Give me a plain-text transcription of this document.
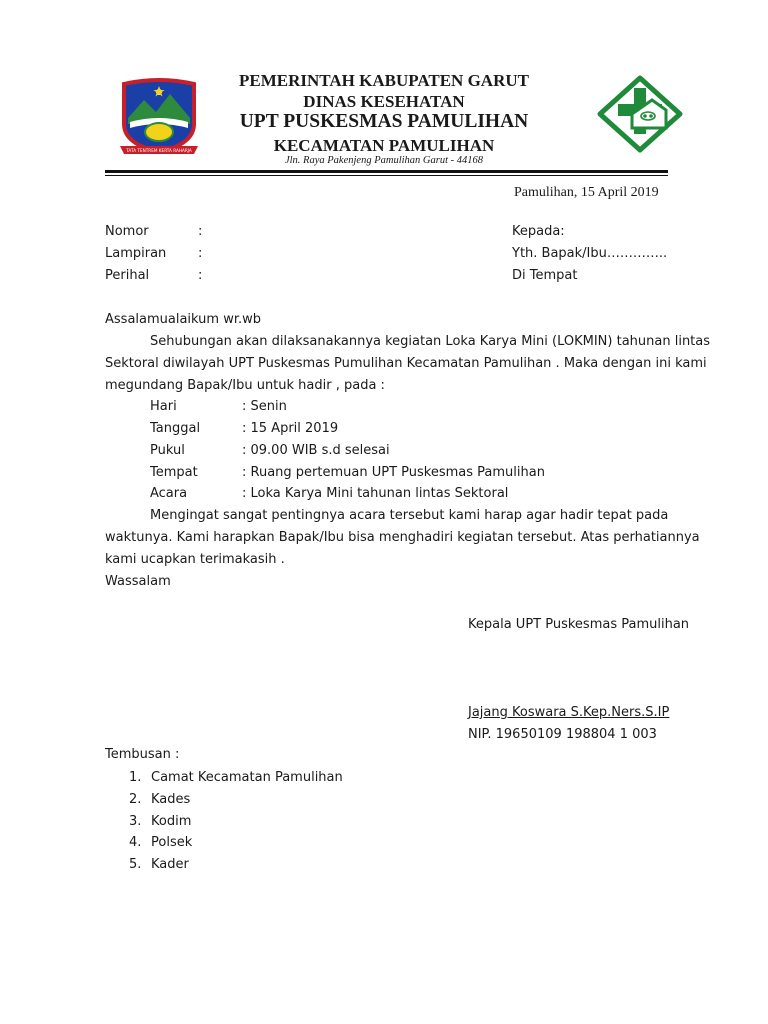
TATA TENTREM KERTA RAHARJA
PEMERINTAH KABUPATEN GARUT
DINAS KESEHATAN
UPT PUSKESMAS PAMULIHAN
KECAMATAN PAMULIHAN
Jln. Raya Pakenjeng Pamulihan Garut - 44168
Pamulihan, 15 April 2019
Nomor	:
Lampiran :
Perihal	:
Kepada:
Yth. Bapak/Ibu…………..
Di Tempat
Assalamualaikum wr.wb
Sehubungan akan dilaksanakannya kegiatan Loka Karya Mini (LOKMIN) tahunan lintas
Sektoral diwilayah UPT Puskesmas Pumulihan Kecamatan Pamulihan . Maka dengan ini kami
megundang Bapak/Ibu untuk hadir , pada :
Hari	: Senin
Tanggal	: 15 April 2019
Pukul	: 09.00 WIB s.d selesai
Tempat	: Ruang pertemuan UPT Puskesmas Pamulihan
Acara	: Loka Karya Mini tahunan lintas Sektoral
Mengingat sangat pentingnya acara tersebut kami harap agar hadir tepat pada
waktunya. Kami harapkan Bapak/Ibu bisa menghadiri kegiatan tersebut. Atas perhatiannya
kami ucapkan terimakasih .
Wassalam
Kepala UPT Puskesmas Pamulihan
Jajang Koswara S.Kep.Ners.S.IP
NIP. 19650109 198804 1 003
Tembusan :
1. Camat Kecamatan Pamulihan
2. Kades
3. Kodim
4. Polsek
5. Kader
